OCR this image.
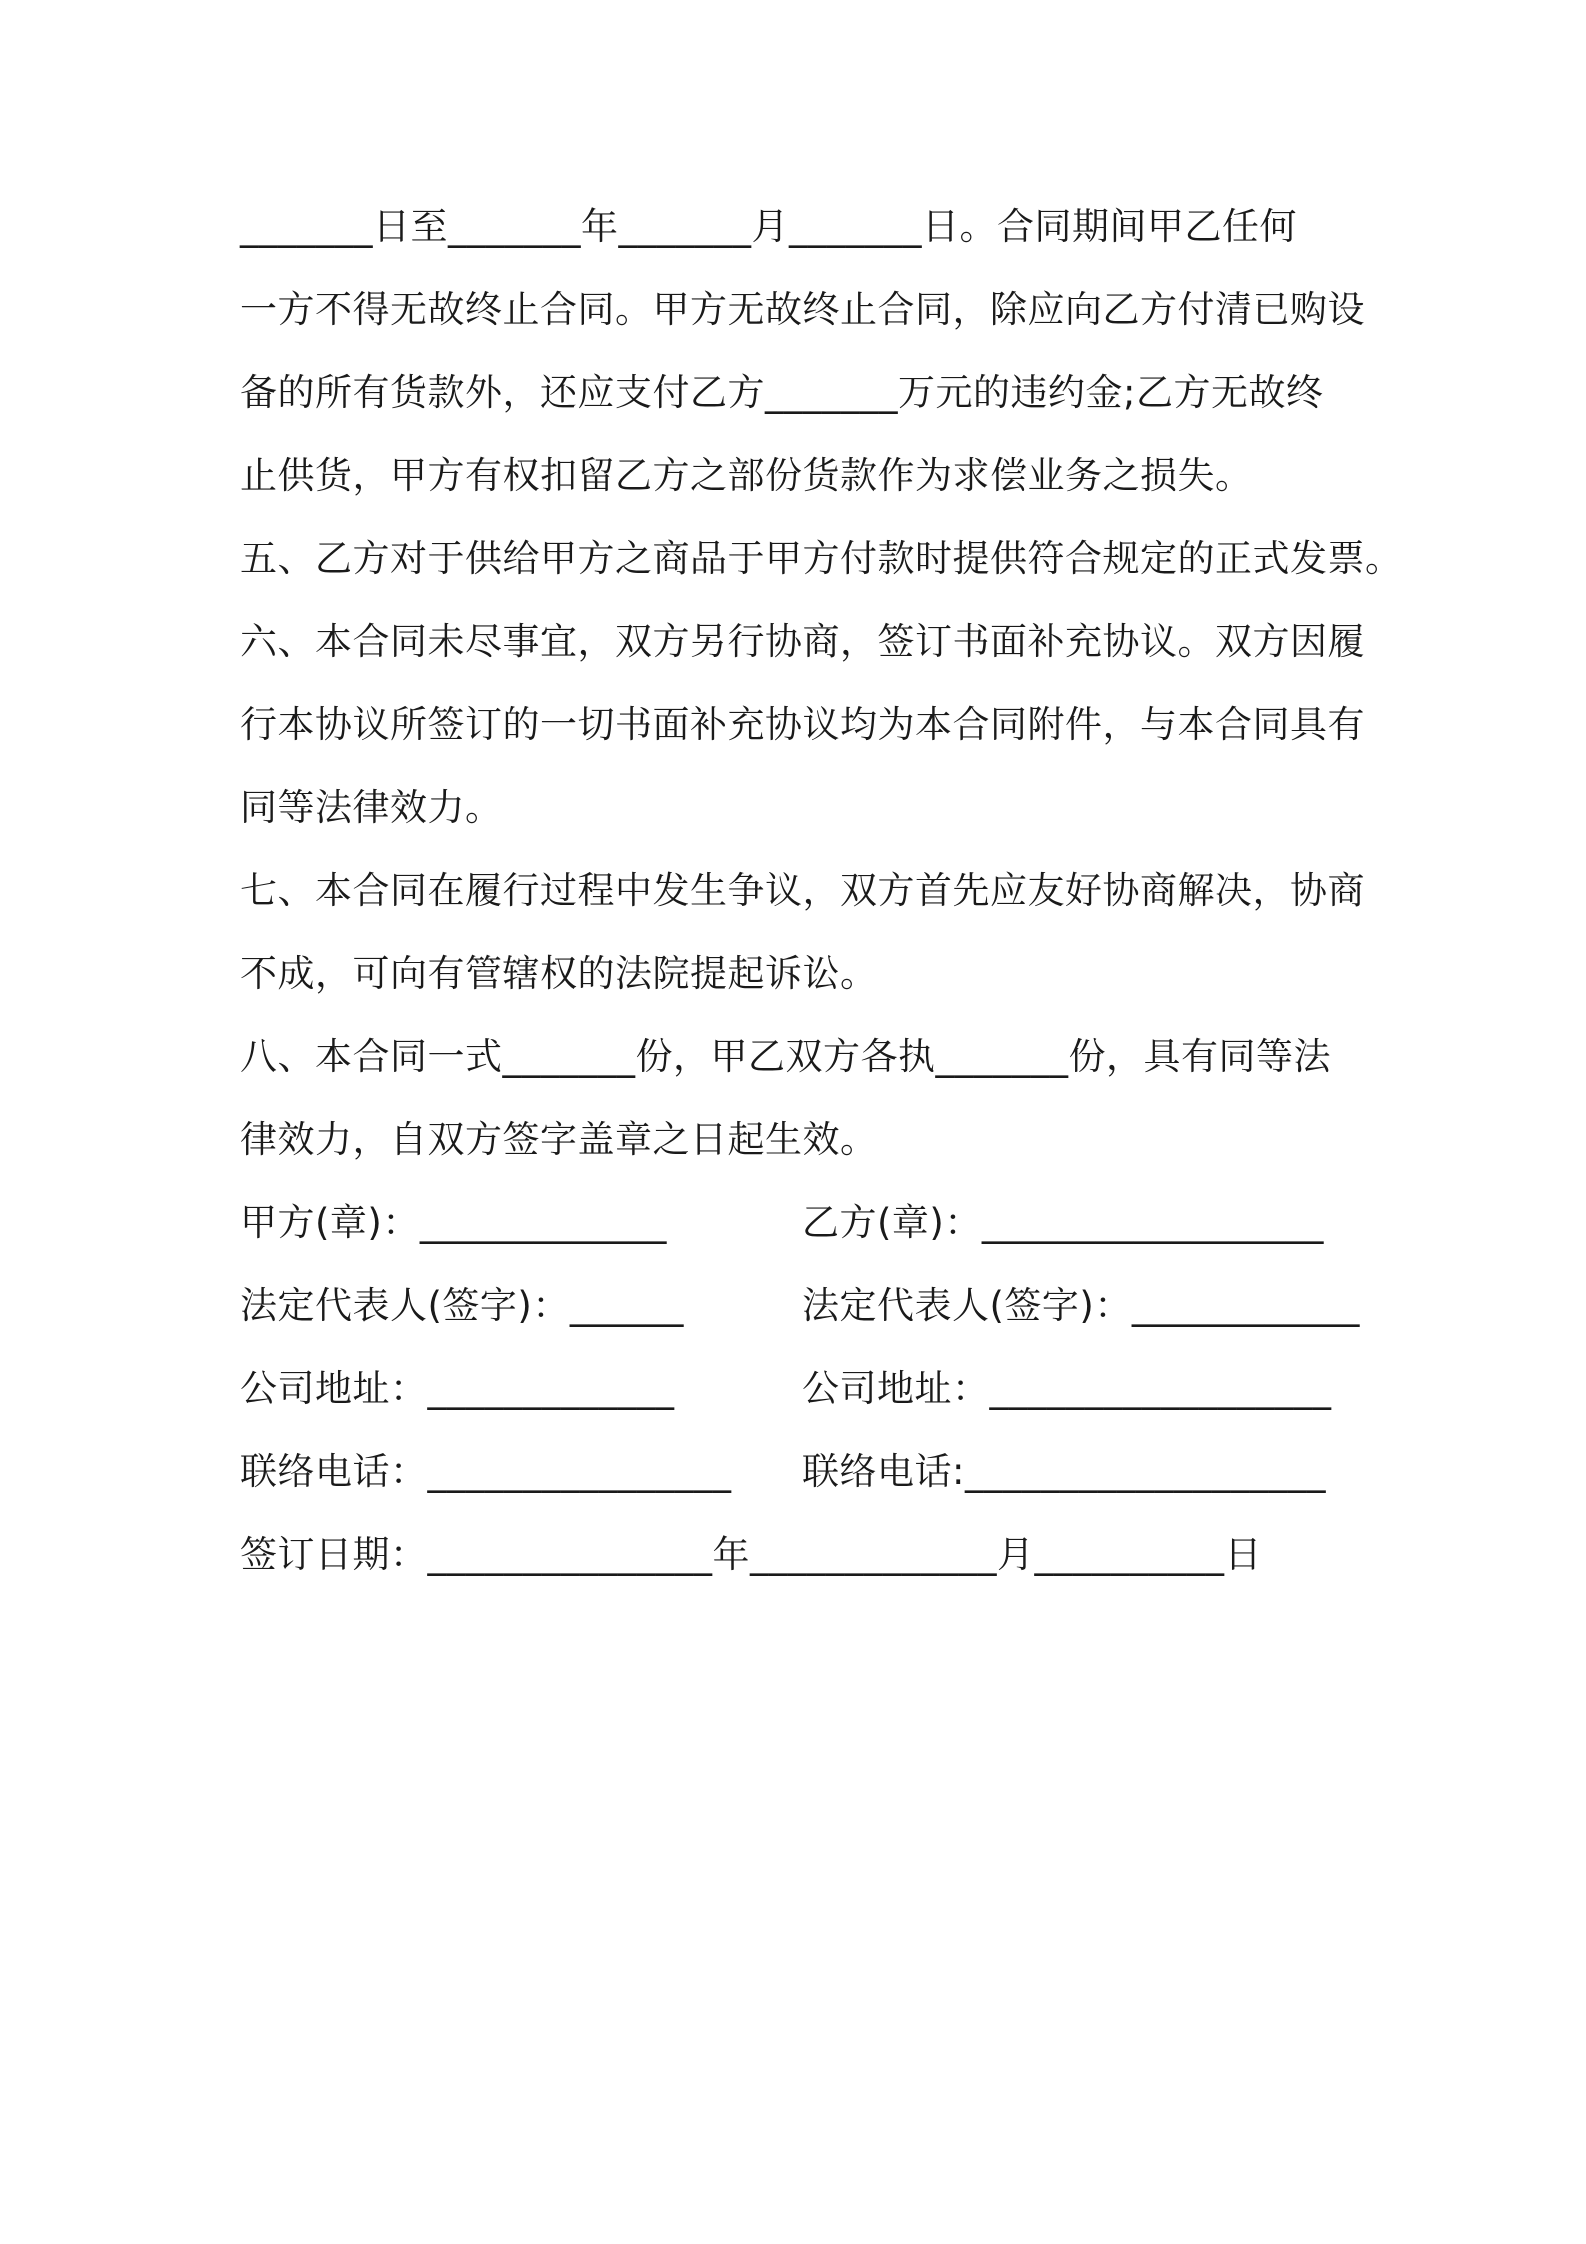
_______日至_______年_______月_______日。合同期间甲乙任何
一方不得无故终止合同。甲方无故终止合同，除应向乙方付清已购设
备的所有货款外，还应支付乙方_______万元的违约金;乙方无故终
止供货，甲方有权扣留乙方之部份货款作为求偿业务之损失。
五、乙方对于供给甲方之商品于甲方付款时提供符合规定的正式发票。
六、本合同未尽事宜，双方另行协商，签订书面补充协议。双方因履
行本协议所签订的一切书面补充协议均为本合同附件，与本合同具有
同等法律效力。
七、本合同在履行过程中发生争议，双方首先应友好协商解决，协商
不成，可向有管辖权的法院提起诉讼。
八、本合同一式_______份，甲乙双方各执_______份，具有同等法
律效力，自双方签字盖章之日起生效。
甲方(章)：_____________	乙方(章)：__________________
法定代表人(签字)：______	法定代表人(签字)：____________
公司地址：_____________	公司地址：__________________
联络电话：________________ 联络电话:___________________
签订日期：_______________年_____________月__________日
